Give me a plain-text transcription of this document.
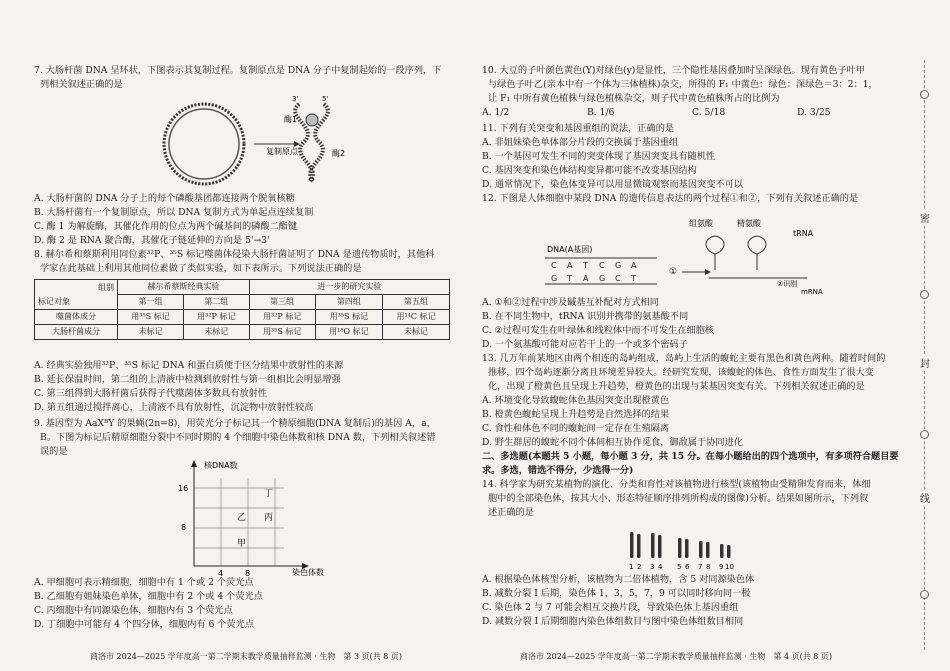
7. 大肠杆菌 DNA 呈环状，下图表示其复制过程。复制原点是 DNA 分子中复制起始的一段序列，下

列相关叙述正确的是

3'	5'
酶1
酶2
复制原点

A. 大肠杆菌的 DNA 分子上的每个磷酸基团都连接两个脱氧核糖

B. 大肠杆菌有一个复制原点，所以 DNA 复制方式为单起点连续复制

C. 酶 1 为解旋酶，其催化作用的位点为两个碱基间的磷酸二酯键

D. 酶 2 是 RNA 聚合酶，其催化子链延伸的方向是 5'→3'

8. 赫尔希和蔡斯利用同位素³²P、³⁵S 标记噬菌体侵染大肠杆菌证明了 DNA 是遗传物质时，其他科

学家在此基础上利用其他同位素做了类似实验，如下表所示。下列说法正确的是

组别
标记对象	赫尔希蔡斯经典实验		进一步的研究实验		
	第一组	第二组	第三组	第四组	第五组
噬菌体成分	用³⁵S 标记	用³²P 标记	用³²P 标记	用³⁵S 标记	用¹⁴C 标记
大肠杆菌成分	未标记	未标记	用³⁵S 标记	用¹⁸O 标记	未标记

A. 经典实验独用³²P、³⁵S 标记 DNA 和蛋白质便于区分结果中放射性的来源

B. 延长保温时间，第二组的上清液中检测到放射性与第一组相比会明显增强

C. 第三组得到大肠杆菌后获得子代噬菌体多数具有放射性

D. 第五组通过搅拌离心，上清液不具有放射性，沉淀物中放射性较高

9. 基因型为 AaXᴮY 的果蝇(2n=8)，用荧光分子标记其一个精原细胞(DNA 复制后)的基因 A，a，

B。下图为标记后精原细胞分裂中不同时期的 4 个细胞中染色体数和核 DNA 数，下列相关叙述错

误的是

核DNA数
染色体数
16
8
4	8
丁
乙 丙
甲

A. 甲细胞可表示精细胞，细胞中有 1 个或 2 个荧光点

B. 乙细胞有姐妹染色单体，细胞中有 2 个或 4 个荧光点

C. 丙细胞中有同源染色体，细胞内有 3 个荧光点

D. 丁细胞中可能有 4 个四分体，细胞内有 6 个荧光点

10. 大豆的子叶颜色黄色(Y)对绿色(y)是显性，三个隐性基因叠加时呈深绿色。现有黄色子叶甲

与绿色子叶乙(亲本中有一个体为三体植株)杂交，所得的 F₁ 中黄色：绿色：深绿色＝3：2：1，

让 F₁ 中所有黄色植株与绿色植株杂交，则子代中黄色植株所占的比例为

A. 1/2	B. 1/6	C. 5/18	D. 3/25

11. 下列有关突变和基因重组的说法，正确的是

A. 非姐妹染色单体部分片段的交换属于基因重组

B. 一个基因可发生不同的突变体现了基因突变具有随机性

C. 基因突变和染色体结构变异都可能不改变基因结构

D. 通常情况下，染色体变异可以用显微镜观察而基因突变不可以

12. 下图是人体细胞中某段 DNA 的遗传信息表达的两个过程①和②，下列有关叙述正确的是

DNA(A基因)
C A T C G A
G T A G C T
①
组氨酸	精氨酸
tRNA
②识别
mRNA

A. ①和②过程中涉及碱基互补配对方式相同

B. 在不同生物中，tRNA 识别并携带的氨基酸不同

C. ②过程可发生在叶绿体和线粒体中而不可发生在细胞核

D. 一个氨基酸可能对应若干上的一个或多个密码子

13. 几万年前某地区由两个相连的岛屿组成，岛屿上生活的蝮蛇主要有黑色和黄色两种。随着时间的

推移，四个岛屿逐渐分离且环境差异较大。经研究发现，该蝮蛇的体色、食性方面发生了很大变

化，出现了橙黄色且呈现上升趋势，橙黄色的出现与某基因突变有关。下列相关叙述正确的是

A. 环境变化导致蝮蛇体色基因突变出现橙黄色

B. 橙黄色蝮蛇呈现上升趋势是自然选择的结果

C. 食性和体色不同的蝮蛇间一定存在生殖隔离

D. 野生群居的蝮蛇不同个体间相互协作觅食，御敌属于协同进化

二、多选题(本题共 5 小题，每小题 3 分，共 15 分。在每小题给出的四个选项中，有多项符合题目要

求。多选，错选不得分，少选得一分)

14. 科学家为研究某植物的演化、分类和育性对该植物进行核型(该植物由受精卵发育而来，体细

胞中的全部染色体，按其大小、形态特征顺序排列所构成的图像)分析。结果如图所示，下列叙

述正确的是

1 2 3 4 5 6 7 8 9 10

A. 根据染色体核型分析，该植物为二倍体植物，含 5 对同源染色体

B. 减数分裂 I 后期，染色体 1，3，5，7，9 可以同时移向同一极

C. 染色体 2 与 7 可能会相互交换片段，导致染色体上基因重组

D. 减数分裂 I 后期细胞内染色体组数目与图中染色体组数目相同

密
封
线
商洛市 2024—2025 学年度高一第二学期末教学质量抽样监测 · 生物　第 3 页(共 8 页)	商洛市 2024—2025 学年度高一第二学期末教学质量抽样监测 · 生物　第 4 页(共 8 页)
